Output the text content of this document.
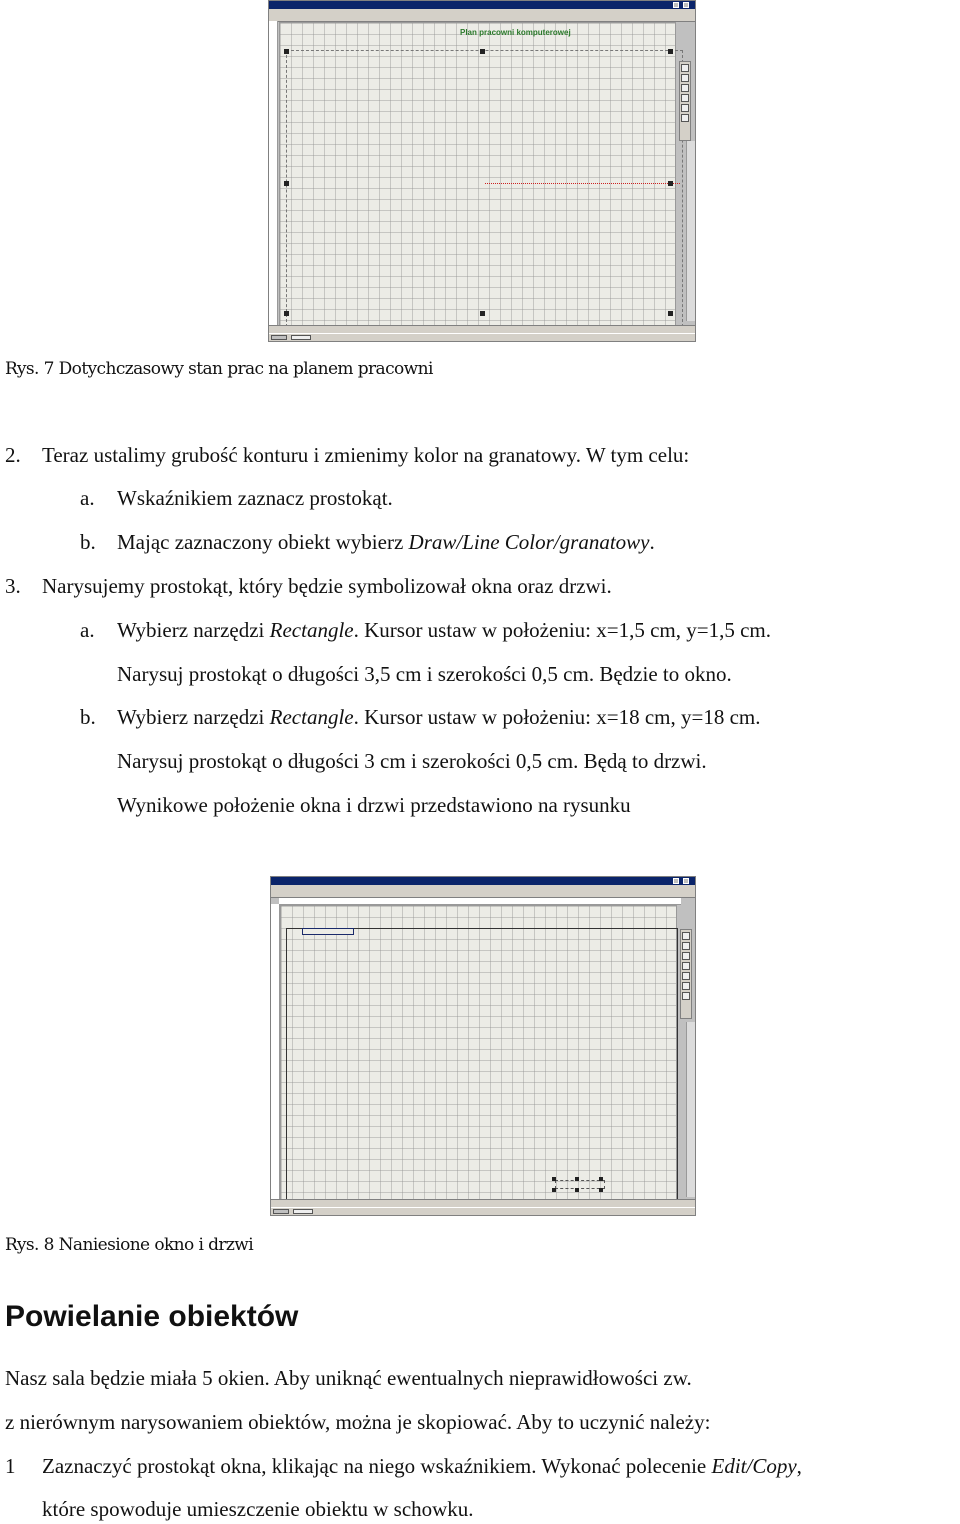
Plan pracowni komputerowej
Rys. 7 Dotychczasowy stan prac na planem pracowni
2. Teraz ustalimy grubość konturu i zmienimy kolor na granatowy. W tym celu:
a. Wskaźnikiem zaznacz prostokąt.
b. Mając zaznaczony obiekt wybierz Draw/Line Color/granatowy.
3. Narysujemy prostokąt, który będzie symbolizował okna oraz drzwi.
a. Wybierz narzędzi Rectangle. Kursor ustaw w położeniu: x=1,5 cm, y=1,5 cm.
Narysuj prostokąt o długości 3,5 cm i szerokości 0,5 cm. Będzie to okno.
b. Wybierz narzędzi Rectangle. Kursor ustaw w położeniu: x=18 cm, y=18 cm.
Narysuj prostokąt o długości 3 cm i szerokości 0,5 cm. Będą to drzwi.
Wynikowe położenie okna i drzwi przedstawiono na rysunku

Rys. 8 Naniesione okno i drzwi
Powielanie obiektów
Nasz sala będzie miała 5 okien. Aby uniknąć ewentualnych nieprawidłowości zw.
z nierównym narysowaniem obiektów, można je skopiować. Aby to uczynić należy:
1 Zaznaczyć prostokąt okna, klikając na niego wskaźnikiem. Wykonać polecenie Edit/Copy,
które spowoduje umieszczenie obiektu w schowku.
